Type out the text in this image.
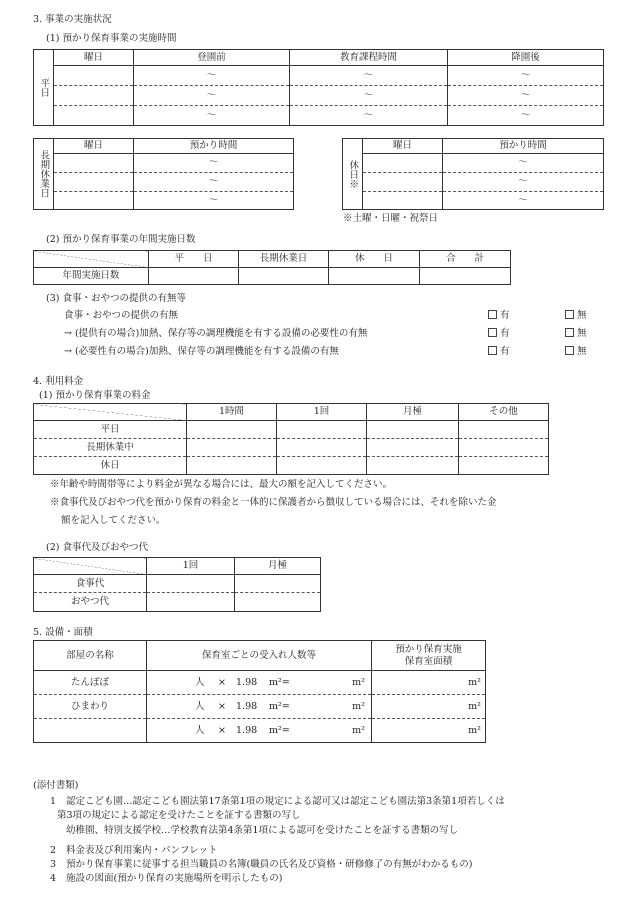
3. 事業の実施状況
(1) 預かり保育事業の実施時間
平日	曜日	登園前	教育課程時間	降園後
		～	～	～
		～	～	～
		～	～	～
長期休業日	曜日	預かり時間
		～
		～
		～
休日※	曜日	預かり時間
		～
		～
		～
※土曜・日曜・祝祭日
(2) 預かり保育事業の年間実施日数
	平　　日	長期休業日	休　　日	合　　計
年間実施日数				
(3) 食事・おやつの提供の有無等
食事・おやつの提供の有無
→ (提供有の場合)加熱、保存等の調理機能を有する設備の必要性の有無
→ (必要性有の場合)加熱、保存等の調理機能を有する設備の有無
有	無
有	無
有	無
4. 利用料金
(1) 預かり保育事業の料金
	1時間	1回	月極	その他
平日				
長期休業中				
休日				
※年齢や時間帯等により料金が異なる場合には、最大の額を記入してください。
※食事代及びおやつ代を預かり保育の料金と一体的に保護者から徴収している場合には、それを除いた金
額を記入してください。
(2) 食事代及びおやつ代
	1回	月極
食事代		
おやつ代		
5. 設備・面積
部屋の名称	保育室ごとの受入れ人数等	預かり保育実施
保育室面積

たんぽぽ	人 × 1.98 m²= m²	m²
ひまわり	人 × 1.98 m²= m²	m²

	人 × 1.98 m²= m²	m²
(添付書類)
1 認定こども園…認定こども園法第17条第1項の規定による認可又は認定こども園法第3条第1項若しくは
第3項の規定による認定を受けたことを証する書類の写し
幼稚園、特別支援学校…学校教育法第4条第1項による認可を受けたことを証する書類の写し
2 料金表及び利用案内・パンフレット
3 預かり保育事業に従事する担当職員の名簿(職員の氏名及び資格・研修修了の有無がわかるもの)
4 施設の図面(預かり保育の実施場所を明示したもの)
